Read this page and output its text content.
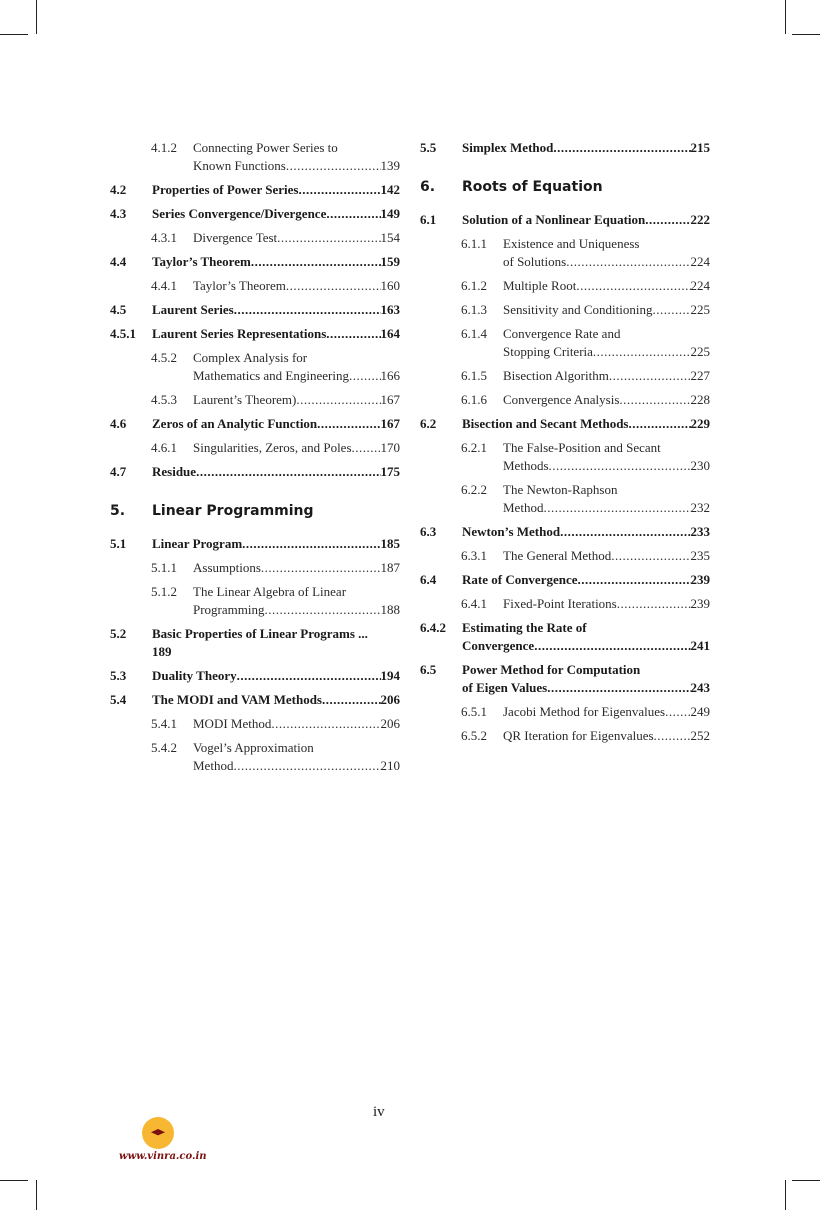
4.1.2 Connecting Power Series to
Known Functions .....	139
4.2 Properties of Power Series .....	142
4.3 Series Convergence/Divergence .....	149
4.3.1 Divergence Test .....	154
4.4 Taylor’s Theorem .....	159
4.4.1 Taylor’s Theorem .....	160
4.5 Laurent Series .....	163
4.5.1 Laurent Series Representations .....	164
4.5.2 Complex Analysis for
Mathematics and Engineering ..... 166
4.5.3 Laurent’s Theorem) .....	167
4.6 Zeros of an Analytic Function .....	167
4.6.1 Singularities, Zeros, and Poles ..... 170
4.7 Residue .....	175
5. Linear Programming
5.1 Linear Program .....	185
5.1.1 Assumptions .....	187
5.1.2 The Linear Algebra of Linear
Programming .....	188
5.2 Basic Properties of Linear Programs ...
189
5.3 Duality Theory .....	194
5.4 The MODI and VAM Methods .....	206
5.4.1 MODI Method .....	206
5.4.2 Vogel’s Approximation
Method .....	210
5.5 Simplex Method .....	215
6. Roots of Equation
6.1 Solution of a Nonlinear Equation .....	222
6.1.1 Existence and Uniqueness
of Solutions .....	224
6.1.2 Multiple Root .....	224
6.1.3 Sensitivity and Conditioning .....	225
6.1.4 Convergence Rate and
Stopping Criteria .....	225
6.1.5 Bisection Algorithm .....	227
6.1.6 Convergence Analysis .....	228
6.2 Bisection and Secant Methods .....	229
6.2.1 The False-Position and Secant
Methods .....	230
6.2.2 The Newton-Raphson
Method .....	232
6.3 Newton’s Method .....	233
6.3.1 The General Method .....	235
6.4 Rate of Convergence .....	239
6.4.1 Fixed-Point Iterations .....	239
6.4.2 Estimating the Rate of
Convergence .....	241
6.5 Power Method for Computation
of Eigen Values .....	243
6.5.1 Jacobi Method for Eigenvalues ..... 249
6.5.2 QR Iteration for Eigenvalues .....	252
iv
www.vinra.co.in
